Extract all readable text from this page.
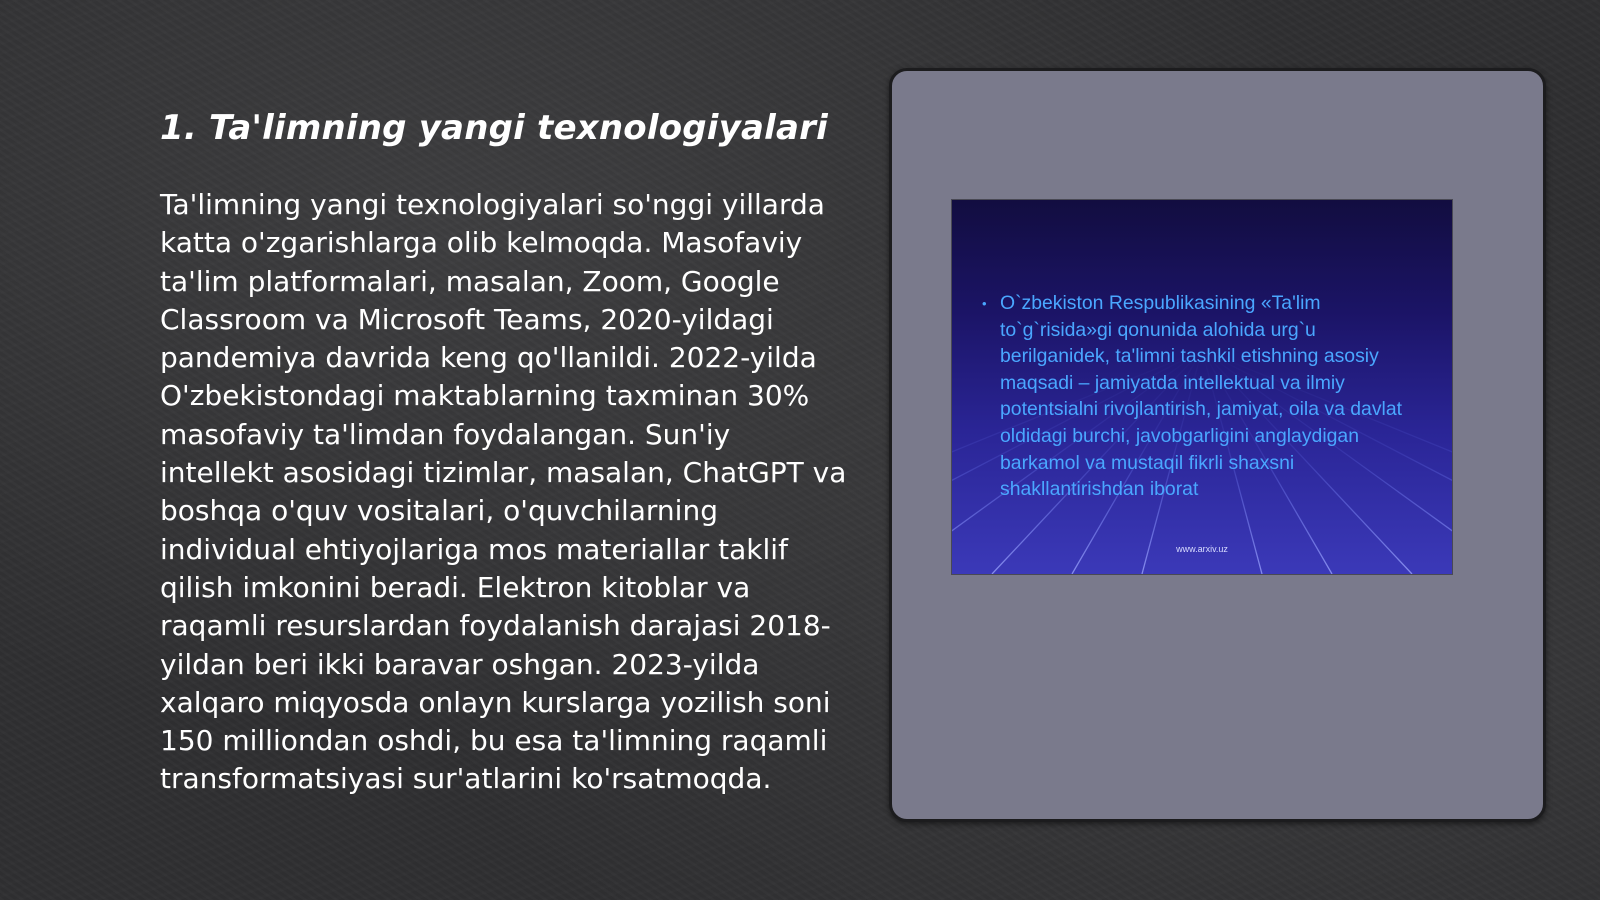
1. Ta'limning yangi texnologiyalari

Ta'limning yangi texnologiyalari so'nggi yillarda katta o'zgarishlarga olib kelmoqda. Masofaviy ta'lim platformalari, masalan, Zoom, Google Classroom va Microsoft Teams, 2020-yildagi pandemiya davrida keng qo'llanildi. 2022-yilda O'zbekistondagi maktablarning taxminan 30% masofaviy ta'limdan foydalangan. Sun'iy intellekt asosidagi tizimlar, masalan, ChatGPT va boshqa o'quv vositalari, o'quvchilarning individual ehtiyojlariga mos materiallar taklif qilish imkonini beradi. Elektron kitoblar va raqamli resurslardan foydalanish darajasi 2018-yildan beri ikki baravar oshgan. 2023-yilda xalqaro miqyosda onlayn kurslarga yozilish soni 150 milliondan oshdi, bu esa ta'limning raqamli transformatsiyasi sur'atlarini ko'rsatmoqda.

• O`zbekiston Respublikasining «Ta'lim to`g`risida»gi qonunida alohida urg`u berilganidek, ta'limni tashkil etishning asosiy maqsadi – jamiyatda intellektual va ilmiy potentsialni rivojlantirish, jamiyat, oila va davlat oldidagi burchi, javobgarligini anglaydigan barkamol va mustaqil fikrli shaxsni shakllantirishdan iborat

www.arxiv.uz
